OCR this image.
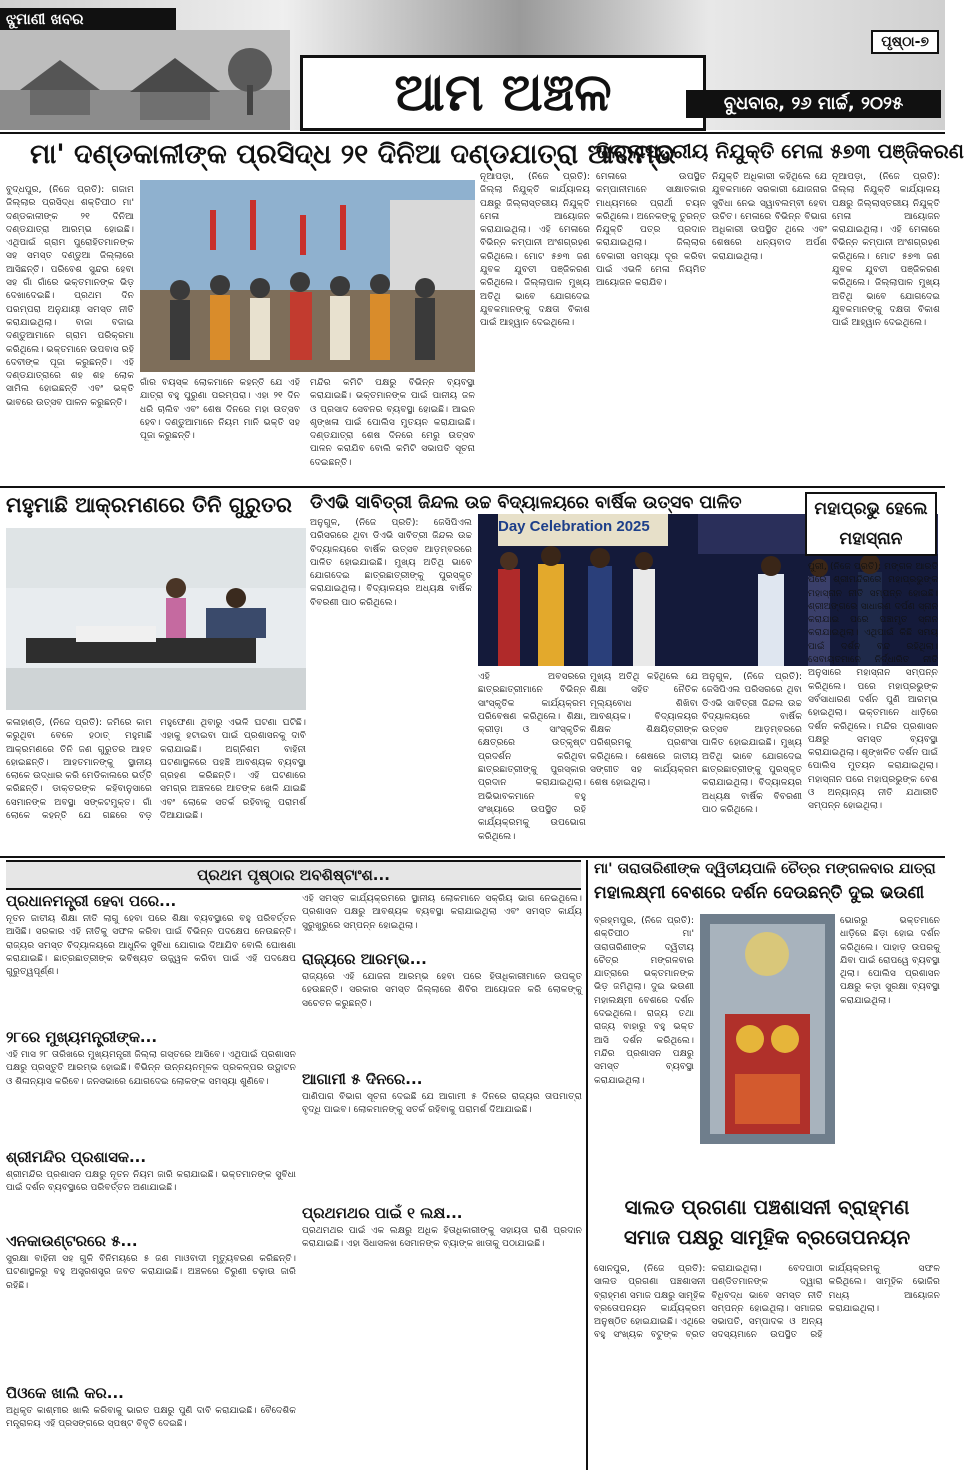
ଝୁମାଣୀ ଖବର
ପୃଷ୍ଠା-୭
ଆମ ଅଞ୍ଚଳ	ବୁଧବାର, ୨୬ ମାର୍ଚ୍ଚ, ୨୦୨୫
ମା' ଦଣ୍ଡକାଳୀଙ୍କ ପ୍ରସିଦ୍ଧ ୨୧ ଦିନିଆ ଦଣ୍ଡଯାତ୍ରା ଆରମ୍ଭ
ବୁଦ୍ଧପୁର, (ନିଜେ ପ୍ରତି): ଗଜାମ ଜିଲ୍ଲାର ପ୍ରସିଦ୍ଧ ଶକ୍ତିପୀଠ ମା' ଦଣ୍ଡକାଳୀଙ୍କ ୨୧ ଦିନିଆ ଦଣ୍ଡଯାତ୍ରା ଆରମ୍ଭ ହୋଇଛି। ଏଥିପାଇଁ ଗ୍ରାମ ପୁରୋହିତମାନଙ୍କ ସହ ସମସ୍ତ ଦଣ୍ଡୁଆ ଜିଲ୍ଲାରେ ଆସିଛନ୍ତି। ପରିବେଶ ସୁନ୍ଦର ହେବା ସହ ଗାଁ ଗାଁରେ ଭକ୍ତମାନଙ୍କ ଭିଡ଼ ଦେଖାଦେଇଛି। ପ୍ରଥମ ଦିନ ପରମ୍ପରା ଅନୁଯାୟୀ ସମସ୍ତ ନୀତି କରାଯାଇଥିଲା। ବାଜା ବଜାଇ ଦଣ୍ଡୁଆମାନେ ଗ୍ରାମ ପରିକ୍ରମା କରିଥିଲେ। ଭକ୍ତମାନେ ଉପବାସ ରହି ଦେବୀଙ୍କ ପୂଜା କରୁଛନ୍ତି। ଏହି ଦଣ୍ଡଯାତ୍ରାରେ ଶହ ଶହ ଲୋକ ସାମିଲ ହୋଇଛନ୍ତି ଏବଂ ଭକ୍ତି ଭାବରେ ଉତ୍ସବ ପାଳନ କରୁଛନ୍ତି।
ଗାଁର ବୟସ୍କ ଲୋକମାନେ କହନ୍ତି ଯେ ଏହି ଯାତ୍ରା ବହୁ ପୁରୁଣା ପରମ୍ପରା। ଏହା ୨୧ ଦିନ ଧରି ଚାଲିବ ଏବଂ ଶେଷ ଦିନରେ ମହା ଉତ୍ସବ ହେବ। ଦଣ୍ଡୁଆମାନେ ନିୟମ ମାନି ଭକ୍ତି ସହ ପୂଜା କରୁଛନ୍ତି।
ମନ୍ଦିର କମିଟି ପକ୍ଷରୁ ବିଭିନ୍ନ ବ୍ୟବସ୍ଥା କରାଯାଇଛି। ଭକ୍ତମାନଙ୍କ ପାଇଁ ପାନୀୟ ଜଳ ଓ ପ୍ରସାଦ ସେବନର ବ୍ୟବସ୍ଥା ହୋଇଛି। ଆଇନ ଶୃଙ୍ଖଳା ପାଇଁ ପୋଲିସ ମୁତୟନ କରାଯାଇଛି। ଦଣ୍ଡଯାତ୍ରା ଶେଷ ଦିନରେ ମେରୁ ଉତ୍ସବ ପାଳନ କରାଯିବ ବୋଲି କମିଟି ସଭାପତି ସୂଚନା ଦେଇଛନ୍ତି।
ଜିଲ୍ଲାସ୍ତରୀୟ ନିଯୁକ୍ତି ମେଳା ୫୭୩ ପଞ୍ଜିକରଣ
ନୂଆପଡ଼ା, (ନିଜେ ପ୍ରତି): ଜିଲ୍ଲା ନିଯୁକ୍ତି କାର୍ଯ୍ୟାଳୟ ପକ୍ଷରୁ ଜିଲ୍ଲାସ୍ତରୀୟ ନିଯୁକ୍ତି ମେଳା ଆୟୋଜନ କରାଯାଇଥିଲା। ଏହି ମେଳାରେ ବିଭିନ୍ନ କମ୍ପାନୀ ଅଂଶଗ୍ରହଣ କରିଥିଲେ। ମୋଟ ୫୭୩ ଜଣ ଯୁବକ ଯୁବତୀ ପଞ୍ଜିକରଣ କରିଥିଲେ। ଜିଲ୍ଲାପାଳ ମୁଖ୍ୟ ଅତିଥି ଭାବେ ଯୋଗଦେଇ ଯୁବକମାନଙ୍କୁ ଦକ୍ଷତା ବିକାଶ ପାଇଁ ଆହ୍ୱାନ ଦେଇଥିଲେ।
ମେଳାରେ ଉପସ୍ଥିତ କମ୍ପାନୀମାନେ ସାକ୍ଷାତକାର ମାଧ୍ୟମରେ ପ୍ରାର୍ଥୀ ଚୟନ କରିଥିଲେ। ଅନେକଙ୍କୁ ତୁରନ୍ତ ନିଯୁକ୍ତି ପତ୍ର ପ୍ରଦାନ କରାଯାଇଥିଲା। ଜିଲ୍ଲାର ବେକାରୀ ସମସ୍ୟା ଦୂର କରିବା ପାଇଁ ଏଭଳି ମେଳା ନିୟମିତ ଆୟୋଜନ କରାଯିବ।
ନିଯୁକ୍ତି ଅଧିକାରୀ କହିଥିଲେ ଯେ ଯୁବକମାନେ ସରକାରୀ ଯୋଜନାର ସୁବିଧା ନେଇ ସ୍ୱାବଲମ୍ବୀ ହେବା ଉଚିତ। ମେଳାରେ ବିଭିନ୍ନ ବିଭାଗ ଅଧିକାରୀ ଉପସ୍ଥିତ ଥିଲେ ଏବଂ ଶେଷରେ ଧନ୍ୟବାଦ ଅର୍ପଣ କରାଯାଇଥିଲା।
ନୂଆପଡ଼ା, (ନିଜେ ପ୍ରତି): ଜିଲ୍ଲା ନିଯୁକ୍ତି କାର୍ଯ୍ୟାଳୟ ପକ୍ଷରୁ ଜିଲ୍ଲାସ୍ତରୀୟ ନିଯୁକ୍ତି ମେଳା ଆୟୋଜନ କରାଯାଇଥିଲା। ଏହି ମେଳାରେ ବିଭିନ୍ନ କମ୍ପାନୀ ଅଂଶଗ୍ରହଣ କରିଥିଲେ। ମୋଟ ୫୭୩ ଜଣ ଯୁବକ ଯୁବତୀ ପଞ୍ଜିକରଣ କରିଥିଲେ। ଜିଲ୍ଲାପାଳ ମୁଖ୍ୟ ଅତିଥି ଭାବେ ଯୋଗଦେଇ ଯୁବକମାନଙ୍କୁ ଦକ୍ଷତା ବିକାଶ ପାଇଁ ଆହ୍ୱାନ ଦେଇଥିଲେ।
ମହୁମାଛି ଆକ୍ରମଣରେ ତିନି ଗୁରୁତର
କଳାହାଣ୍ଡି, (ନିଜେ ପ୍ରତି): ଜମିରେ କାମ କରୁଥିବା ବେଳେ ହଠାତ୍ ମହୁମାଛି ଆକ୍ରମଣରେ ତିନି ଜଣ ଗୁରୁତର ଆହତ ହୋଇଛନ୍ତି। ଆହତମାନଙ୍କୁ ସ୍ଥାନୀୟ ଲୋକେ ଉଦ୍ଧାର କରି ମେଡିକାଲରେ ଭର୍ତ୍ତି କରିଛନ୍ତି। ଡାକ୍ତରଙ୍କ କହିବାନୁସାରେ ସେମାନଙ୍କ ଅବସ୍ଥା ସଙ୍କଟମୁକ୍ତ। ଗାଁ ଲୋକେ କହନ୍ତି ଯେ ଗଛରେ ବଡ଼ ମହୁଫେଣା ଥିବାରୁ ଏଭଳି ଘଟଣା ଘଟିଛି। ଏହାକୁ ହଟାଇବା ପାଇଁ ପ୍ରଶାସନକୁ ଦାବି କରାଯାଇଛି। ଅଗ୍ନିଶମ ବାହିନୀ ଘଟଣାସ୍ଥଳରେ ପହଞ୍ଚି ଆବଶ୍ୟକ ବ୍ୟବସ୍ଥା ଗ୍ରହଣ କରିଛନ୍ତି। ଏହି ଘଟଣାରେ ସମଗ୍ର ଅଞ୍ଚଳରେ ଆତଙ୍କ ଖେଳି ଯାଇଛି ଏବଂ ଲୋକେ ସତର୍କ ରହିବାକୁ ପରାମର୍ଶ ଦିଆଯାଇଛି।
ଡିଏଭି ସାବିତ୍ରୀ ଜିନ୍ଦଲ ଉଚ୍ଚ ବିଦ୍ୟାଳୟରେ ବାର୍ଷିକ ଉତ୍ସବ ପାଳିତ
Day Celebration 2025
ଅନୁଗୁଳ, (ନିଜେ ପ୍ରତି): ଜେସିପିଏଲ ପରିସରରେ ଥିବା ଡିଏଭି ସାବିତ୍ରୀ ଜିନ୍ଦଲ ଉଚ୍ଚ ବିଦ୍ୟାଳୟରେ ବାର୍ଷିକ ଉତ୍ସବ ଆଡ଼ମ୍ବରରେ ପାଳିତ ହୋଇଯାଇଛି। ମୁଖ୍ୟ ଅତିଥି ଭାବେ ଯୋଗଦେଇ ଛାତ୍ରଛାତ୍ରୀଙ୍କୁ ପୁରସ୍କୃତ କରାଯାଇଥିଲା। ବିଦ୍ୟାଳୟର ଅଧ୍ୟକ୍ଷ ବାର୍ଷିକ ବିବରଣୀ ପାଠ କରିଥିଲେ।
ଏହି ଅବସରରେ ଛାତ୍ରଛାତ୍ରୀମାନେ ବିଭିନ୍ନ ସାଂସ୍କୃତିକ କାର୍ଯ୍ୟକ୍ରମ ପରିବେଷଣ କରିଥିଲେ। ଶିକ୍ଷା, କ୍ରୀଡ଼ା ଓ ସାଂସ୍କୃତିକ କ୍ଷେତ୍ରରେ ଉତ୍କୃଷ୍ଟ ପ୍ରଦର୍ଶନ କରିଥିବା ଛାତ୍ରଛାତ୍ରୀଙ୍କୁ ପୁରସ୍କାର ପ୍ରଦାନ କରାଯାଇଥିଲା। ଅଭିଭାବକମାନେ ବହୁ ସଂଖ୍ୟାରେ ଉପସ୍ଥିତ ରହି କାର୍ଯ୍ୟକ୍ରମକୁ ଉପଭୋଗ କରିଥିଲେ।
ମୁଖ୍ୟ ଅତିଥି କହିଥିଲେ ଯେ ଶିକ୍ଷା ସହିତ ନୈତିକ ମୂଲ୍ୟବୋଧ ଶିଖିବା ଆବଶ୍ୟକ। ବିଦ୍ୟାଳୟର ଶିକ୍ଷକ ଶିକ୍ଷୟିତ୍ରୀଙ୍କ ପରିଶ୍ରମକୁ ପ୍ରଶଂସା କରିଥିଲେ। ଶେଷରେ ଜାତୀୟ ସଙ୍ଗୀତ ସହ କାର୍ଯ୍ୟକ୍ରମ ଶେଷ ହୋଇଥିଲା।
ଅନୁଗୁଳ, (ନିଜେ ପ୍ରତି): ଜେସିପିଏଲ ପରିସରରେ ଥିବା ଡିଏଭି ସାବିତ୍ରୀ ଜିନ୍ଦଲ ଉଚ୍ଚ ବିଦ୍ୟାଳୟରେ ବାର୍ଷିକ ଉତ୍ସବ ଆଡ଼ମ୍ବରରେ ପାଳିତ ହୋଇଯାଇଛି। ମୁଖ୍ୟ ଅତିଥି ଭାବେ ଯୋଗଦେଇ ଛାତ୍ରଛାତ୍ରୀଙ୍କୁ ପୁରସ୍କୃତ କରାଯାଇଥିଲା। ବିଦ୍ୟାଳୟର ଅଧ୍ୟକ୍ଷ ବାର୍ଷିକ ବିବରଣୀ ପାଠ କରିଥିଲେ।
ମହାପ୍ରଭୁ ହେଲେ ମହାସ୍ନାନ
ପୁରୀ, (ନିଜେ ପ୍ରତି): ମଙ୍ଗଳ ଆରତି ପରେ ଶ୍ରୀମନ୍ଦିରରେ ମହାପ୍ରଭୁଙ୍କ ମହାସ୍ନାନ ନୀତି ସମ୍ପନ୍ନ ହୋଇଛି। ଶ୍ରୀଅଙ୍ଗରେ ସାଧାରଣ ଦର୍ପଣ ସ୍ନାନ କରାଯାଇ ପରେ ପଞ୍ଚାମୃତ ସ୍ନାନ କରାଯାଇଥିଲା। ଏଥିପାଇଁ କିଛି ସମୟ ପାଇଁ ଦର୍ଶନ ବନ୍ଦ ରହିଥିଲା। ସେବାୟତମାନେ ନିର୍ଦ୍ଧାରିତ ନୀତି ଅନୁସାରେ ମହାସ୍ନାନ ସମ୍ପନ୍ନ କରିଥିଲେ। ପରେ ମହାପ୍ରଭୁଙ୍କ ସର୍ବସାଧାରଣ ଦର୍ଶନ ପୁଣି ଆରମ୍ଭ ହୋଇଥିଲା। ଭକ୍ତମାନେ ଧାଡ଼ିରେ ଦର୍ଶନ କରିଥିଲେ। ମନ୍ଦିର ପ୍ରଶାସନ ପକ୍ଷରୁ ସମସ୍ତ ବ୍ୟବସ୍ଥା କରାଯାଇଥିଲା। ଶୃଙ୍ଖଳିତ ଦର୍ଶନ ପାଇଁ ପୋଲିସ ମୁତୟନ କରାଯାଇଥିଲା। ମହାସ୍ନାନ ପରେ ମହାପ୍ରଭୁଙ୍କ ବେଶ ଓ ଅନ୍ୟାନ୍ୟ ନୀତି ଯଥାରୀତି ସମ୍ପନ୍ନ ହୋଇଥିଲା।
ପ୍ରଥମ ପୃଷ୍ଠାର ଅବଶିଷ୍ଟାଂଶ...
ପ୍ରଧାନମନ୍ତ୍ରୀ ହେବା ପରେ...
ନୂତନ ଜାତୀୟ ଶିକ୍ଷା ନୀତି ଲାଗୁ ହେବା ପରେ ଶିକ୍ଷା ବ୍ୟବସ୍ଥାରେ ବହୁ ପରିବର୍ତ୍ତନ ଆସିଛି। ସରକାର ଏହି ନୀତିକୁ ସଫଳ କରିବା ପାଇଁ ବିଭିନ୍ନ ପଦକ୍ଷେପ ନେଉଛନ୍ତି। ରାଜ୍ୟର ସମସ୍ତ ବିଦ୍ୟାଳୟରେ ଆଧୁନିକ ସୁବିଧା ଯୋଗାଇ ଦିଆଯିବ ବୋଲି ଘୋଷଣା କରାଯାଇଛି। ଛାତ୍ରଛାତ୍ରୀଙ୍କ ଭବିଷ୍ୟତ ଉଜ୍ଜ୍ୱଳ କରିବା ପାଇଁ ଏହି ପଦକ୍ଷେପ ଗୁରୁତ୍ୱପୂର୍ଣ୍ଣ।
୨୮ରେ ମୁଖ୍ୟମନ୍ତ୍ରୀଙ୍କ...
ଏହି ମାସ ୨୮ ତାରିଖରେ ମୁଖ୍ୟମନ୍ତ୍ରୀ ଜିଲ୍ଲା ଗସ୍ତରେ ଆସିବେ। ଏଥିପାଇଁ ପ୍ରଶାସନ ପକ୍ଷରୁ ପ୍ରସ୍ତୁତି ଆରମ୍ଭ ହୋଇଛି। ବିଭିନ୍ନ ଉନ୍ନୟନମୂଳକ ପ୍ରକଳ୍ପର ଉଦ୍ଘାଟନ ଓ ଶିଳାନ୍ୟାସ କରିବେ। ଜନସଭାରେ ଯୋଗଦେଇ ଲୋକଙ୍କ ସମସ୍ୟା ଶୁଣିବେ।
ଶ୍ରୀମନ୍ଦିର ପ୍ରଶାସକ...
ଶ୍ରୀମନ୍ଦିର ପ୍ରଶାସନ ପକ୍ଷରୁ ନୂତନ ନିୟମ ଜାରି କରାଯାଇଛି। ଭକ୍ତମାନଙ୍କ ସୁବିଧା ପାଇଁ ଦର୍ଶନ ବ୍ୟବସ୍ଥାରେ ପରିବର୍ତ୍ତନ ଅଣାଯାଇଛି।
ଏନକାଉଣ୍ଟରରେ ୫...
ସୁରକ୍ଷା ବାହିନୀ ସହ ଗୁଳି ବିନିମୟରେ ୫ ଜଣ ମାଓବାଦୀ ମୃତ୍ୟୁବରଣ କରିଛନ୍ତି। ଘଟଣାସ୍ଥଳରୁ ବହୁ ଅସ୍ତ୍ରଶସ୍ତ୍ର ଜବତ କରାଯାଇଛି। ଅଞ୍ଚଳରେ ଚିରୁଣୀ ଚଢ଼ାଉ ଜାରି ରହିଛି।
ପିଓକେ ଖାଲି କର...
ଅଧିକୃତ କାଶ୍ମୀର ଖାଲି କରିବାକୁ ଭାରତ ପକ୍ଷରୁ ପୁଣି ଦାବି କରାଯାଇଛି। ବୈଦେଶିକ ମନ୍ତ୍ରାଳୟ ଏହି ପ୍ରସଙ୍ଗରେ ସ୍ପଷ୍ଟ ବିବୃତି ଦେଇଛି।
ଏହି ସମସ୍ତ କାର୍ଯ୍ୟକ୍ରମରେ ସ୍ଥାନୀୟ ଲୋକମାନେ ସକ୍ରିୟ ଭାଗ ନେଇଥିଲେ। ପ୍ରଶାସନ ପକ୍ଷରୁ ଆବଶ୍ୟକ ବ୍ୟବସ୍ଥା କରାଯାଇଥିଲା ଏବଂ ସମସ୍ତ କାର୍ଯ୍ୟ ସୁରୁଖୁରୁରେ ସମ୍ପନ୍ନ ହୋଇଥିଲା।
ରାଜ୍ୟରେ ଆରମ୍ଭ...
ରାଜ୍ୟରେ ଏହି ଯୋଜନା ଆରମ୍ଭ ହେବା ପରେ ହିତାଧିକାରୀମାନେ ଉପକୃତ ହେଉଛନ୍ତି। ସରକାର ସମସ୍ତ ଜିଲ୍ଲାରେ ଶିବିର ଆୟୋଜନ କରି ଲୋକଙ୍କୁ ସଚେତନ କରୁଛନ୍ତି।
ଆଗାମୀ ୫ ଦିନରେ...
ପାଣିପାଗ ବିଭାଗ ସୂଚନା ଦେଇଛି ଯେ ଆଗାମୀ ୫ ଦିନରେ ରାଜ୍ୟର ତାପମାତ୍ରା ବୃଦ୍ଧି ପାଇବ। ଲୋକମାନଙ୍କୁ ସତର୍କ ରହିବାକୁ ପରାମର୍ଶ ଦିଆଯାଇଛି।
ପ୍ରଥମଥର ପାଇଁ ୧ ଲକ୍ଷ...
ପ୍ରଥମଥର ପାଇଁ ଏକ ଲକ୍ଷରୁ ଅଧିକ ହିତାଧିକାରୀଙ୍କୁ ସହାୟତା ରାଶି ପ୍ରଦାନ କରାଯାଇଛି। ଏହା ସିଧାସଳଖ ସେମାନଙ୍କ ବ୍ୟାଙ୍କ ଖାତାକୁ ପଠାଯାଇଛି।
ମା' ତାରାତାରିଣୀଙ୍କ ଦ୍ୱିତୀୟପାଳି ଚୈତ୍ର ମଙ୍ଗଳବାର ଯାତ୍ରା
ମହାଲକ୍ଷ୍ମୀ ବେଶରେ ଦର୍ଶନ ଦେଉଛନ୍ତି ଦୁଇ ଭଉଣୀ
ବ୍ରହ୍ମପୁର, (ନିଜେ ପ୍ରତି): ଶକ୍ତିପୀଠ ମା' ତାରାତାରିଣୀଙ୍କ ଦ୍ୱିତୀୟ ଚୈତ୍ର ମଙ୍ଗଳବାର ଯାତ୍ରାରେ ଭକ୍ତମାନଙ୍କ ଭିଡ଼ ଜମିଥିଲା। ଦୁଇ ଭଉଣୀ ମହାଲକ୍ଷ୍ମୀ ବେଶରେ ଦର୍ଶନ ଦେଇଥିଲେ। ରାଜ୍ୟ ତଥା ରାଜ୍ୟ ବାହାରୁ ବହୁ ଭକ୍ତ ଆସି ଦର୍ଶନ କରିଥିଲେ। ମନ୍ଦିର ପ୍ରଶାସନ ପକ୍ଷରୁ ସମସ୍ତ ବ୍ୟବସ୍ଥା କରାଯାଇଥିଲା।
ଭୋରରୁ ଭକ୍ତମାନେ ଧାଡ଼ିରେ ଛିଡ଼ା ହୋଇ ଦର୍ଶନ କରିଥିଲେ। ପାହାଡ଼ ଉପରକୁ ଯିବା ପାଇଁ ରୋପୱେ ବ୍ୟବସ୍ଥା ଥିଲା। ପୋଲିସ ପ୍ରଶାସନ ପକ୍ଷରୁ କଡ଼ା ସୁରକ୍ଷା ବ୍ୟବସ୍ଥା କରାଯାଇଥିଲା।
ସାଲଡ ପ୍ରଗଣା ପଞ୍ଚଶାସନୀ ବ୍ରାହ୍ମଣ
ସମାଜ ପକ୍ଷରୁ ସାମୂହିକ ବ୍ରତୋପନୟନ
ସୋନପୁର, (ନିଜେ ପ୍ରତି): ସାଲଡ ପ୍ରଗଣା ପଞ୍ଚଶାସନୀ ବ୍ରାହ୍ମଣ ସମାଜ ପକ୍ଷରୁ ସାମୂହିକ ବ୍ରତୋପନୟନ କାର୍ଯ୍ୟକ୍ରମ ଅନୁଷ୍ଠିତ ହୋଇଯାଇଛି। ଏଥିରେ ବହୁ ସଂଖ୍ୟକ ବଟୁଙ୍କ ବ୍ରତ କରାଯାଇଥିଲା। ବେଦପାଠୀ ପଣ୍ଡିତମାନଙ୍କ ଦ୍ୱାରା ବିଧିବଦ୍ଧ ଭାବେ ସମସ୍ତ ନୀତି ସମ୍ପନ୍ନ ହୋଇଥିଲା। ସମାଜର ସଭାପତି, ସମ୍ପାଦକ ଓ ଅନ୍ୟ ସଦସ୍ୟମାନେ ଉପସ୍ଥିତ ରହି କାର୍ଯ୍ୟକ୍ରମକୁ ସଫଳ କରିଥିଲେ। ସାମୂହିକ ଭୋଜିର ମଧ୍ୟ ଆୟୋଜନ କରାଯାଇଥିଲା।
